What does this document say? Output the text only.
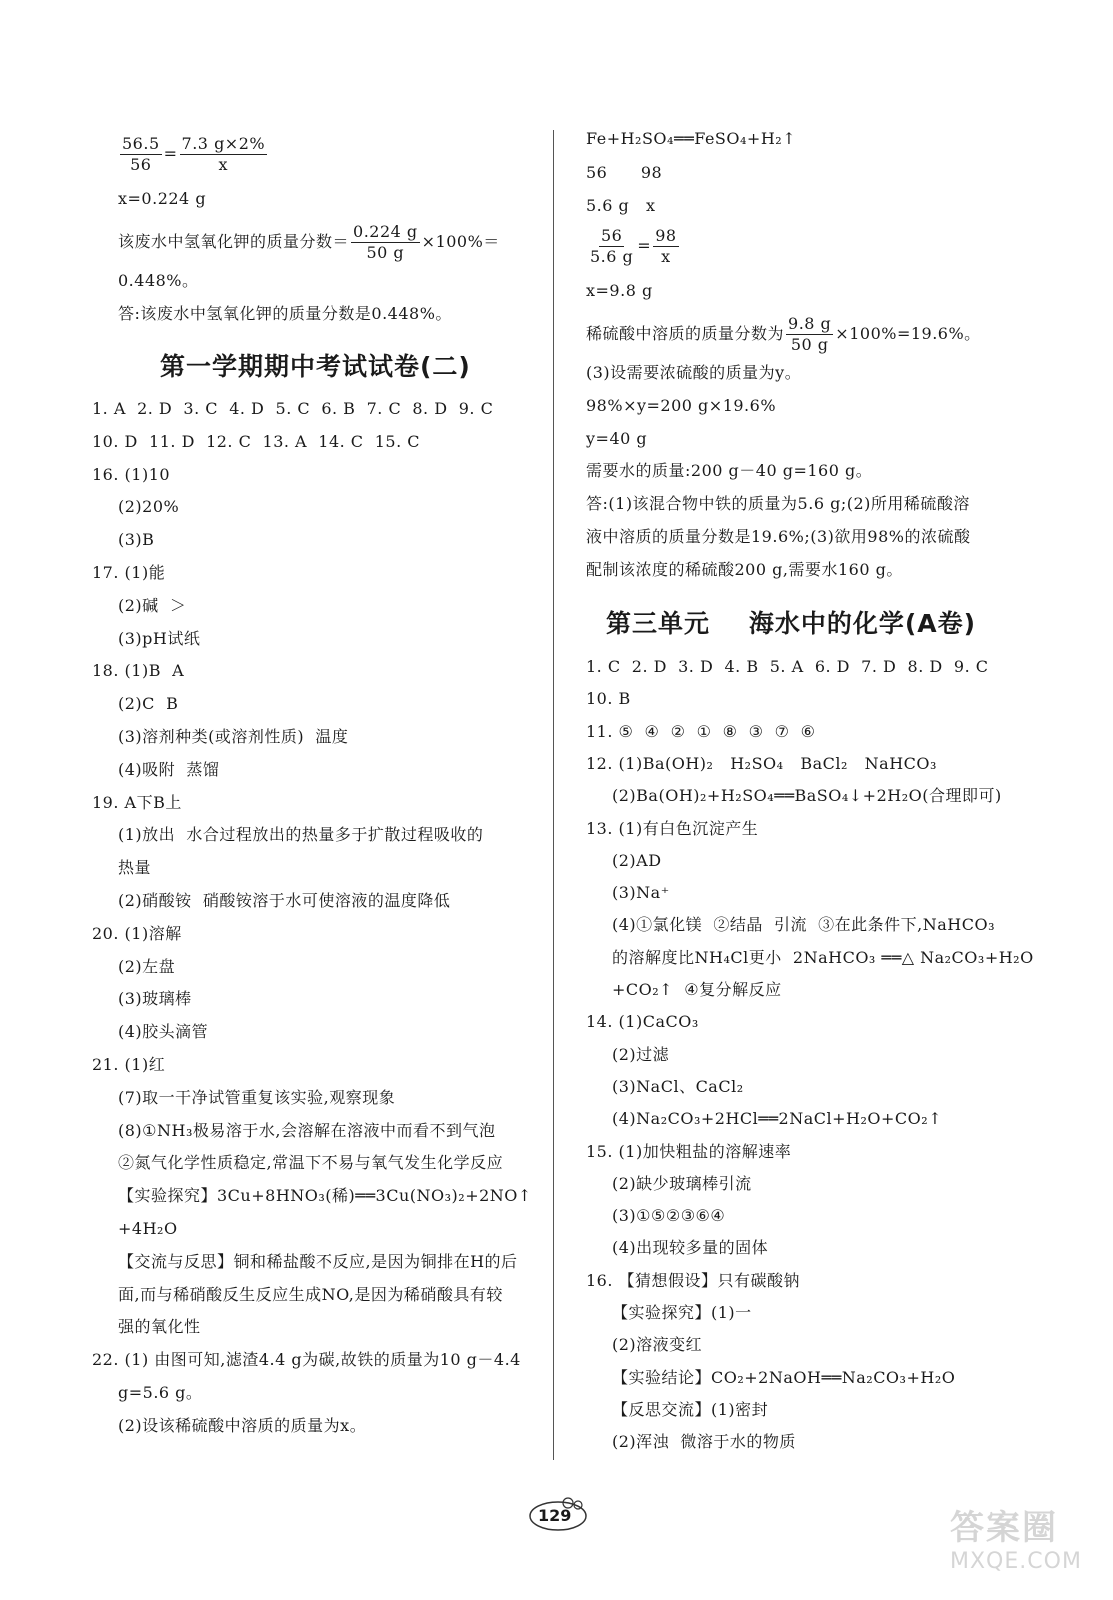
$\frac{56.5}{56} = \frac{7.3 g\times 2\%}{x}$
x=0.224 g
该废水中氢氧化钾的质量分数＝ $\frac{0.224 g}{50 g} \times 100\%=$
0.448%。
答:该废水中氢氧化钾的质量分数是0.448%。
第一学期期中考试试卷(二)
1. A  2. D  3. C  4. D  5. C  6. B  7. C  8. D  9. C
10. D  11. D  12. C  13. A  14. C  15. C
16. (1)10
(2)20%
(3)B
17. (1)能
(2)碱  ＞
(3)pH试纸
18. (1)B  A
(2)C  B
(3)溶剂种类(或溶剂性质)  温度
(4)吸附  蒸馏
19. A下B上
(1)放出  水合过程放出的热量多于扩散过程吸收的
热量
(2)硝酸铵  硝酸铵溶于水可使溶液的温度降低
20. (1)溶解
(2)左盘
(3)玻璃棒
(4)胶头滴管
21. (1)红
(7)取一干净试管重复该实验,观察现象
(8)①NH₃极易溶于水,会溶解在溶液中而看不到气泡
②氮气化学性质稳定,常温下不易与氧气发生化学反应
【实验探究】3Cu+8HNO₃(稀)══3Cu(NO₃)₂+2NO↑
+4H₂O
【交流与反思】铜和稀盐酸不反应,是因为铜排在H的后
面,而与稀硝酸反生反应生成NO,是因为稀硝酸具有较
强的氧化性
22. (1) 由图可知,滤渣4.4 g为碳,故铁的质量为10 g－4.4
g=5.6 g。
(2)设该稀硫酸中溶质的质量为x。
Fe+H₂SO₄══FeSO₄+H₂↑
56      98
5.6 g   x
$\frac{56}{5.6 g} = \frac{98}{x}$
x=9.8 g
稀硫酸中溶质的质量分数为 $\frac{9.8 g}{50 g} \times 100\%=19.6\%$。
(3)设需要浓硫酸的质量为y。
98%×y=200 g×19.6%
y=40 g
需要水的质量:200 g－40 g=160 g。
答:(1)该混合物中铁的质量为5.6 g;(2)所用稀硫酸溶
液中溶质的质量分数是19.6%;(3)欲用98%的浓硫酸
配制该浓度的稀硫酸200 g,需要水160 g。
第三单元    海水中的化学(A卷)
1. C  2. D  3. D  4. B  5. A  6. D  7. D  8. D  9. C
10. B
11. ⑤  ④  ②  ①  ⑧  ③  ⑦  ⑥
12. (1)Ba(OH)₂   H₂SO₄   BaCl₂   NaHCO₃
(2)Ba(OH)₂+H₂SO₄══BaSO₄↓+2H₂O(合理即可)
13. (1)有白色沉淀产生
(2)AD
(3)Na⁺
(4)①氯化镁  ②结晶  引流  ③在此条件下,NaHCO₃
的溶解度比NH₄Cl更小  2NaHCO₃ ══△ Na₂CO₃+H₂O
+CO₂↑  ④复分解反应
14. (1)CaCO₃
(2)过滤
(3)NaCl、CaCl₂
(4)Na₂CO₃+2HCl══2NaCl+H₂O+CO₂↑
15. (1)加快粗盐的溶解速率
(2)缺少玻璃棒引流
(3)①⑤②③⑥④
(4)出现较多量的固体
16. 【猜想假设】只有碳酸钠
【实验探究】(1)一
(2)溶液变红
【实验结论】CO₂+2NaOH══Na₂CO₃+H₂O
【反思交流】(1)密封
(2)浑浊  微溶于水的物质
129	答案圈
MXQE.COM
